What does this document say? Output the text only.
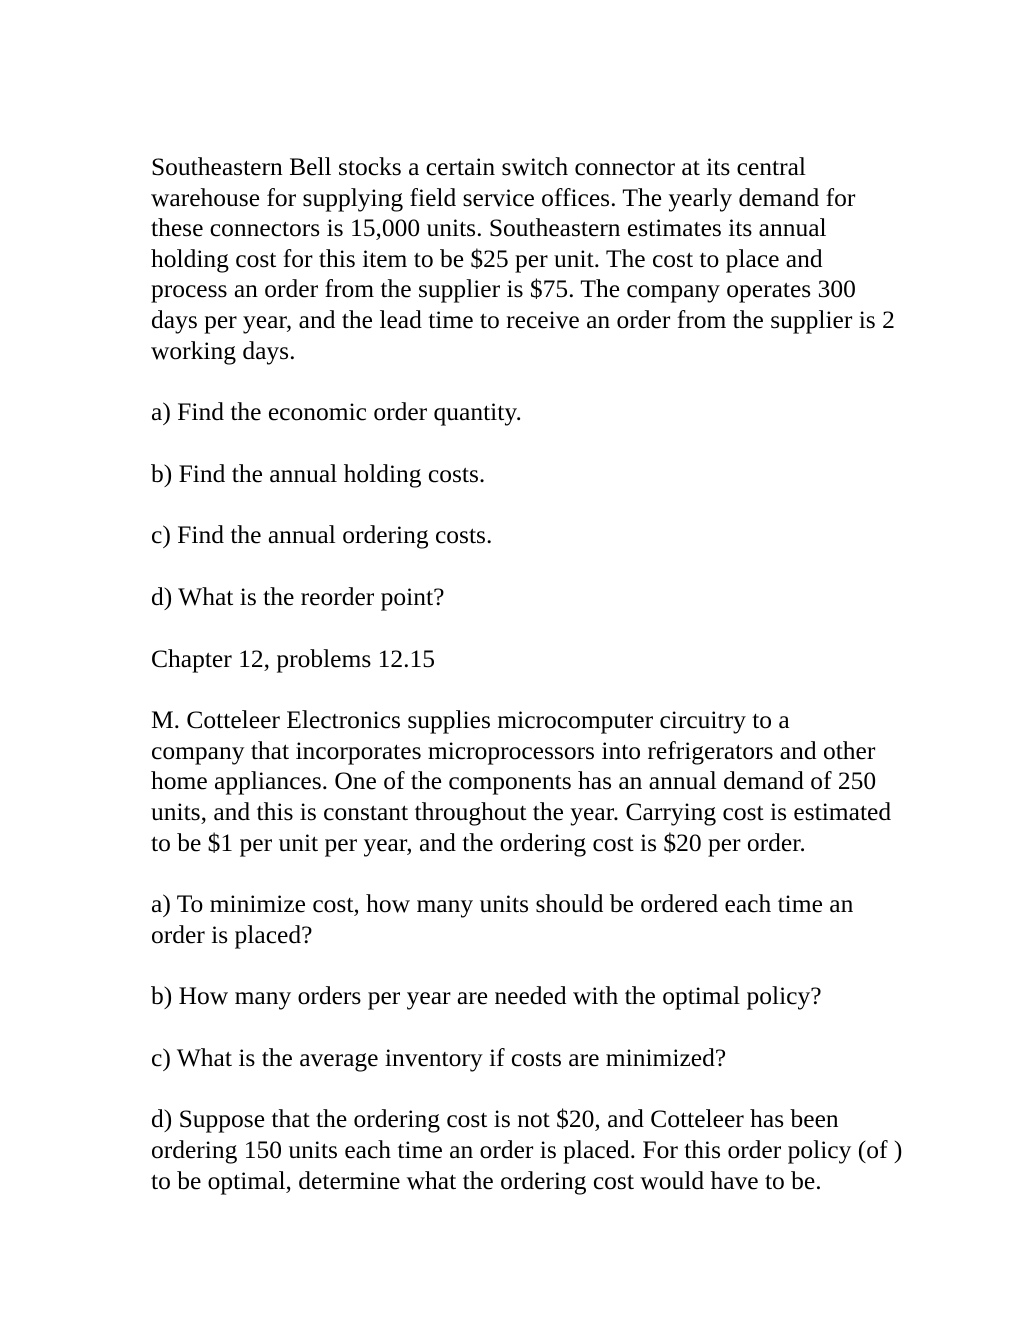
Southeastern Bell stocks a certain switch connector at its central
warehouse for supplying field service offices. The yearly demand for
these connectors is 15,000 units. Southeastern estimates its annual
holding cost for this item to be $25 per unit. The cost to place and
process an order from the supplier is $75. The company operates 300
days per year, and the lead time to receive an order from the supplier is 2
working days.

a) Find the economic order quantity.

b) Find the annual holding costs.

c) Find the annual ordering costs.

d) What is the reorder point?

Chapter 12, problems 12.15

M. Cotteleer Electronics supplies microcomputer circuitry to a
company that incorporates microprocessors into refrigerators and other
home appliances. One of the components has an annual demand of 250
units, and this is constant throughout the year. Carrying cost is estimated
to be $1 per unit per year, and the ordering cost is $20 per order.

a) To minimize cost, how many units should be ordered each time an
order is placed?

b) How many orders per year are needed with the optimal policy?

c) What is the average inventory if costs are minimized?

d) Suppose that the ordering cost is not $20, and Cotteleer has been
ordering 150 units each time an order is placed. For this order policy (of )
to be optimal, determine what the ordering cost would have to be.
